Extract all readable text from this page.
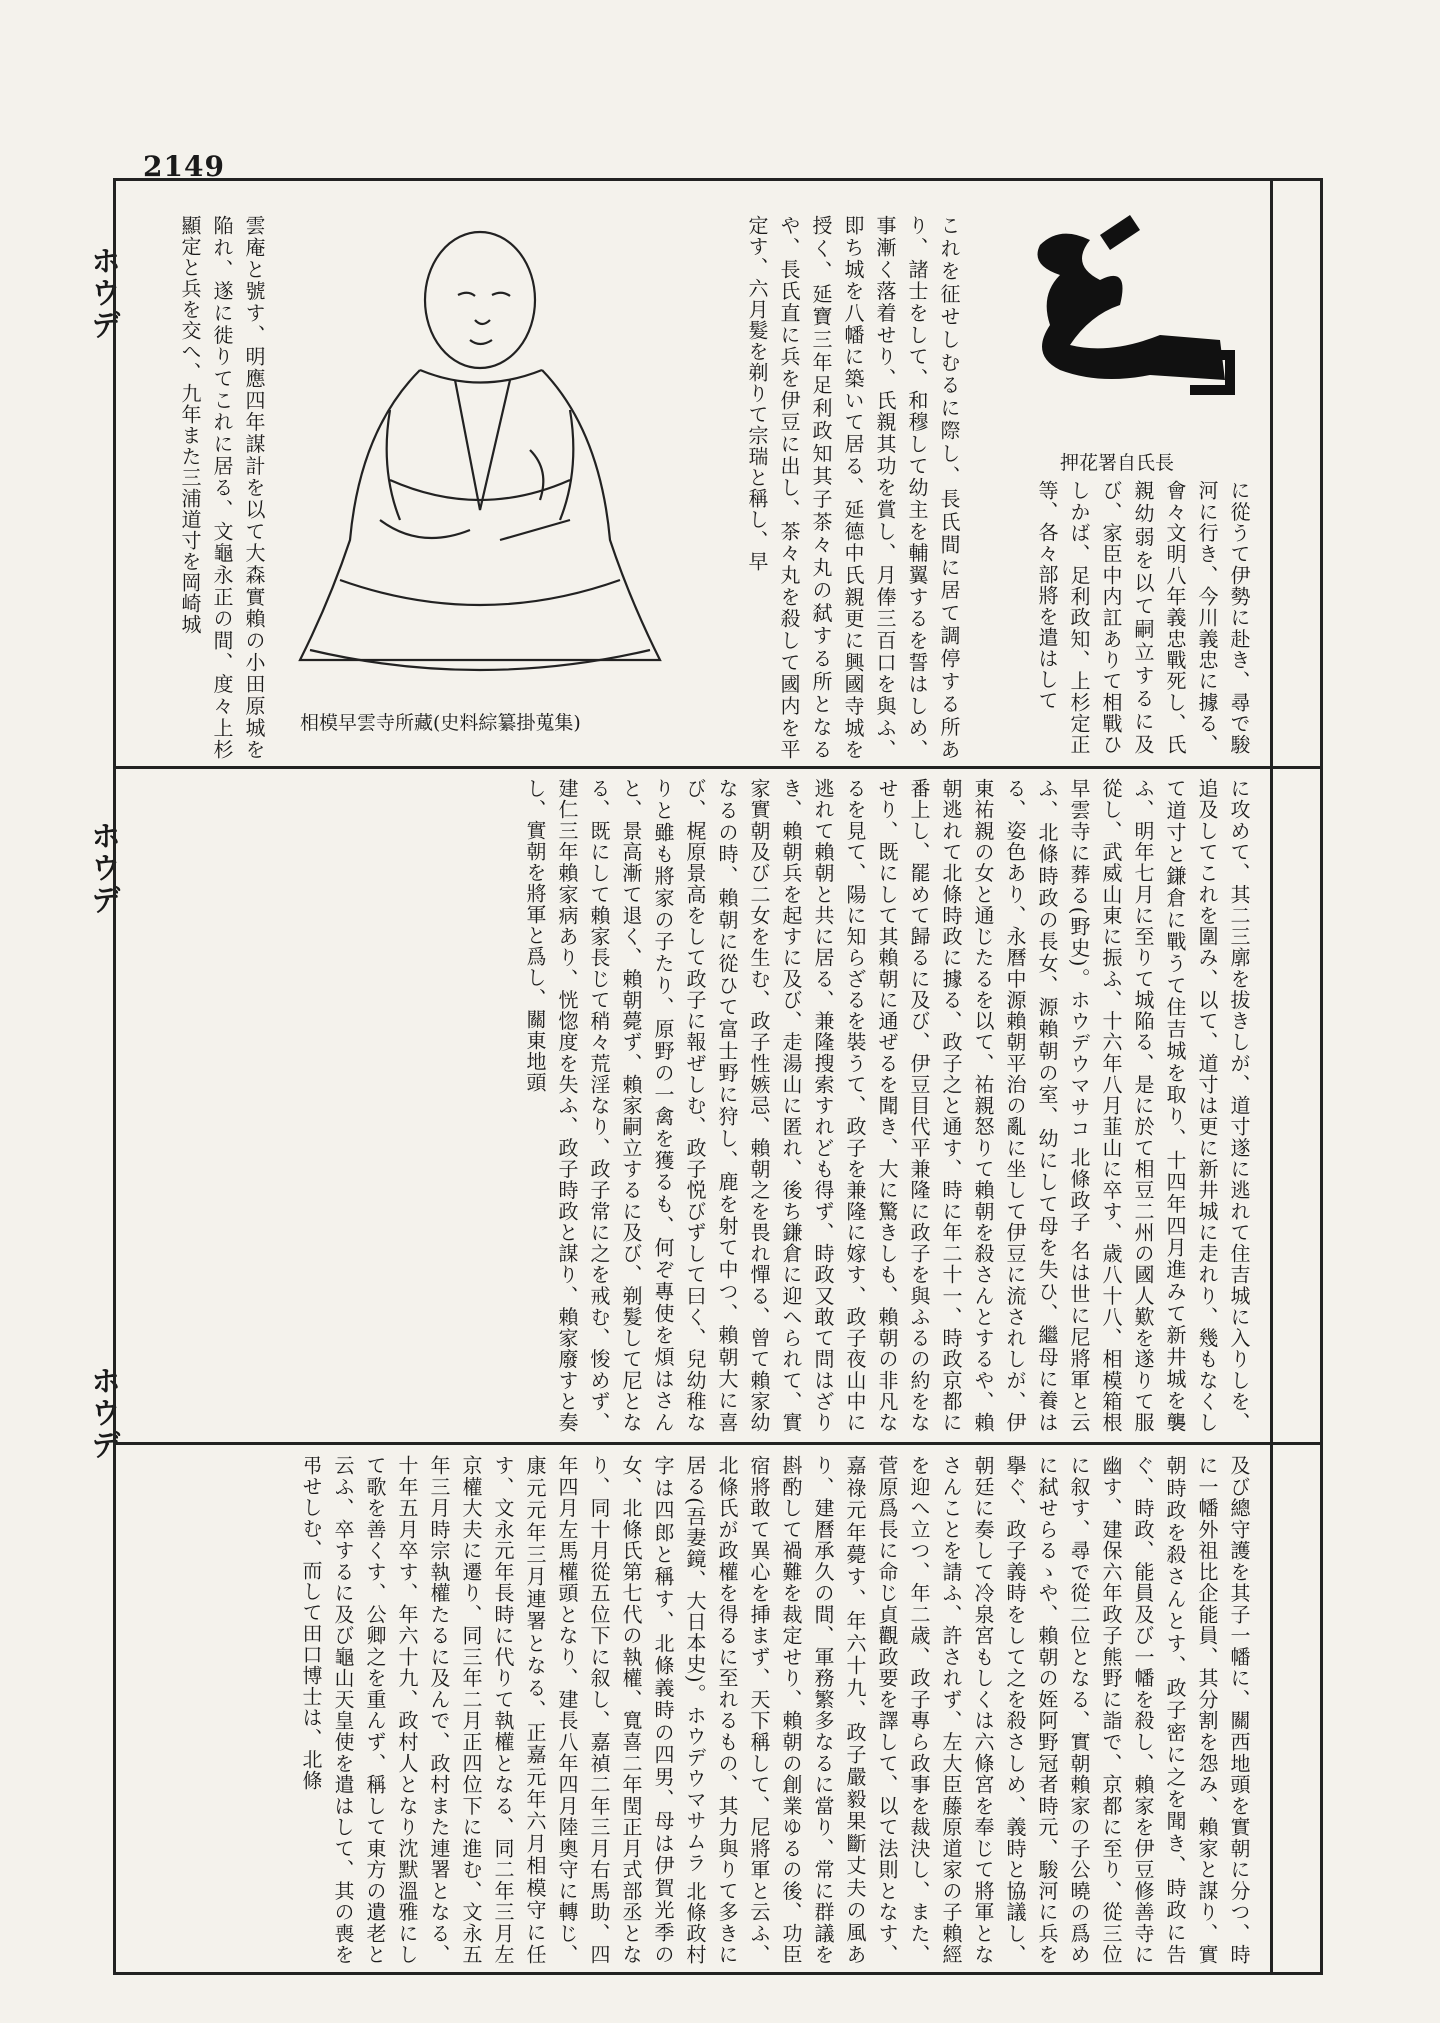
2149
ホウデ
ホウデ
ホウデ
押花署自氏長
に從うて伊勢に赴き、尋で駿河に行き、今川義忠に據る、會々文明八年義忠戰死し、氏親幼弱を以て嗣立するに及び、家臣中内訌ありて相戰ひしかば、足利政知、上杉定正等、各々部將を遣はして
これを征せしむるに際し、長氏間に居て調停する所あり、諸士をして、和穆して幼主を輔翼するを誓はしめ、事漸く落着せり、氏親其功を賞し、月俸三百口を與ふ、即ち城を八幡に築いて居る、延德中氏親更に興國寺城を授く、延寶三年足利政知其子茶々丸の弑する所となるや、長氏直に兵を伊豆に出し、茶々丸を殺して國内を平定す、六月髮を剃りて宗瑞と稱し、早
相模早雲寺所藏(史料綜纂掛蒐集)
雲庵と號す、明應四年謀計を以て大森實賴の小田原城を陥れ、遂に徙りてこれに居る、文龜永正の間、度々上杉顯定と兵を交へ、九年また三浦道寸を岡崎城
に攻めて、其二三廓を拔きしが、道寸遂に逃れて住吉城に入りしを、追及してこれを圍み、以て、道寸は更に新井城に走れり、幾もなくして道寸と鎌倉に戰うて住吉城を取り、十四年四月進みて新井城を襲ふ、明年七月に至りて城陥る、是に於て相豆二州の國人歎を遂りて服從し、武威山東に振ふ、十六年八月韮山に卒す、歳八十八、相模箱根早雲寺に葬る(野史)。ホウデウマサコ 北條政子 名は世に尼將軍と云ふ、北條時政の長女、源賴朝の室、幼にして母を失ひ、繼母に養はる、姿色あり、永曆中源賴朝平治の亂に坐して伊豆に流されしが、伊東祐親の女と通じたるを以て、祐親怒りて賴朝を殺さんとするや、賴朝逃れて北條時政に據る、政子之と通す、時に年二十一、時政京都に番上し、罷めて歸るに及び、伊豆目代平兼隆に政子を與ふるの約をなせり、既にして其賴朝に通ぜるを聞き、大に驚きしも、賴朝の非凡なるを見て、陽に知らざるを裝うて、政子を兼隆に嫁す、政子夜山中に逃れて賴朝と共に居る、兼隆搜索すれども得ず、時政又敢て問はざりき、賴朝兵を起すに及び、走湯山に匿れ、後ち鎌倉に迎へられて、實家實朝及び二女を生む、政子性嫉忌、賴朝之を畏れ憚る、曾て賴家幼なるの時、賴朝に從ひて富士野に狩し、鹿を射て中つ、賴朝大に喜び、梶原景高をして政子に報ぜしむ、政子悦びずして曰く、兒幼稚なりと雖も將家の子たり、原野の一禽を獲るも、何ぞ專使を煩はさんと、景高漸て退く、賴朝薨ず、賴家嗣立するに及び、剃髮して尼となる、既にして賴家長じて稍々荒淫なり、政子常に之を戒む、悛めず、建仁三年賴家病あり、恍惚度を失ふ、政子時政と謀り、賴家廢すと奏し、實朝を將軍と爲し、關東地頭
及び總守護を其子一幡に、關西地頭を實朝に分つ、時に一幡外祖比企能員、其分割を怨み、賴家と謀り、實朝時政を殺さんとす、政子密に之を聞き、時政に告ぐ、時政、能員及び一幡を殺し、賴家を伊豆修善寺に幽す、建保六年政子熊野に詣で、京都に至り、從三位に叙す、尋で從二位となる、實朝賴家の子公曉の爲めに弑せらるゝや、賴朝の姪阿野冠者時元、駿河に兵を擧ぐ、政子義時をして之を殺さしめ、義時と協議し、朝廷に奏して冷泉宮もしくは六條宮を奉じて將軍となさんことを請ふ、許されず、左大臣藤原道家の子賴經を迎へ立つ、年二歳、政子專ら政事を裁決し、また、菅原爲長に命じ貞觀政要を譯して、以て法則となす、嘉祿元年薨す、年六十九、政子嚴毅果斷丈夫の風あり、建曆承久の間、軍務繁多なるに當り、常に群議を斟酌して禍難を裁定せり、賴朝の創業ゆるの後、功臣宿將敢て異心を挿まず、天下稱して、尼將軍と云ふ、北條氏が政權を得るに至れるもの、其力與りて多きに居る(吾妻鏡、大日本史)。ホウデウマサムラ 北條政村 字は四郎と稱す、北條義時の四男、母は伊賀光季の女、北條氏第七代の執權、寬喜二年閏正月式部丞となり、同十月從五位下に叙し、嘉禎二年三月右馬助、四年四月左馬權頭となり、建長八年四月陸奧守に轉じ、康元元年三月連署となる、正嘉元年六月相模守に任す、文永元年長時に代りて執權となる、同二年三月左京權大夫に遷り、同三年二月正四位下に進む、文永五年三月時宗執權たるに及んで、政村また連署となる、十年五月卒す、年六十九、政村人となり沈默溫雅にして歌を善くす、公卿之を重んず、稱して東方の遺老と云ふ、卒するに及び龜山天皇使を遣はして、其の喪を弔せしむ、而して田口博士は、北條
